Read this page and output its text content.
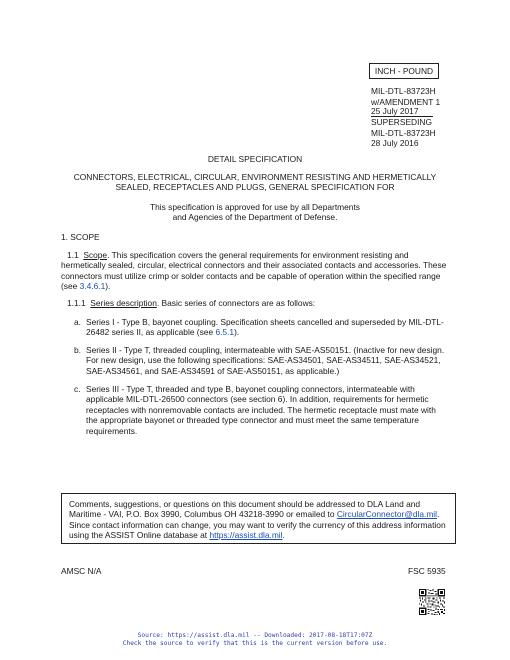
INCH - POUND
MIL-DTL-83723H
w/AMENDMENT 1
25 July 2017
SUPERSEDING
MIL-DTL-83723H
28 July 2016
DETAIL SPECIFICATION
CONNECTORS, ELECTRICAL, CIRCULAR, ENVIRONMENT RESISTING AND HERMETICALLY
SEALED, RECEPTACLES AND PLUGS, GENERAL SPECIFICATION FOR
This specification is approved for use by all Departments
and Agencies of the Department of Defense.
1. SCOPE
1.1 Scope. This specification covers the general requirements for environment resisting and
hermetically sealed, circular, electrical connectors and their associated contacts and accessories. These
connectors must utilize crimp or solder contacts and be capable of operation within the specified range
(see 3.4.6.1).
1.1.1 Series description. Basic series of connectors are as follows:
a. Series I - Type B, bayonet coupling. Specification sheets cancelled and superseded by MIL-DTL-
26482 series II, as applicable (see 6.5.1).
b. Series II - Type T, threaded coupling, intermateable with SAE-AS50151. (Inactive for new design.
For new design, use the following specifications: SAE-AS34501, SAE-AS34511, SAE-AS34521,
SAE-AS34561, and SAE-AS34591 of SAE-AS50151, as applicable.)
c. Series III - Type T, threaded and type B, bayonet coupling connectors, intermateable with
applicable MIL-DTL-26500 connectors (see section 6). In addition, requirements for hermetic
receptacles with nonremovable contacts are included. The hermetic receptacle must mate with
the appropriate bayonet or threaded type connector and must meet the same temperature
requirements.
Comments, suggestions, or questions on this document should be addressed to DLA Land and
Maritime - VAI, P.O. Box 3990, Columbus OH 43218-3990 or emailed to CircularConnector@dla.mil.
Since contact information can change, you may want to verify the currency of this address information
using the ASSIST Online database at https://assist.dla.mil.
AMSC N/A	FSC 5935
Source: https://assist.dla.mil -- Downloaded: 2017-08-18T17:07Z
Check the source to verify that this is the current version before use.
